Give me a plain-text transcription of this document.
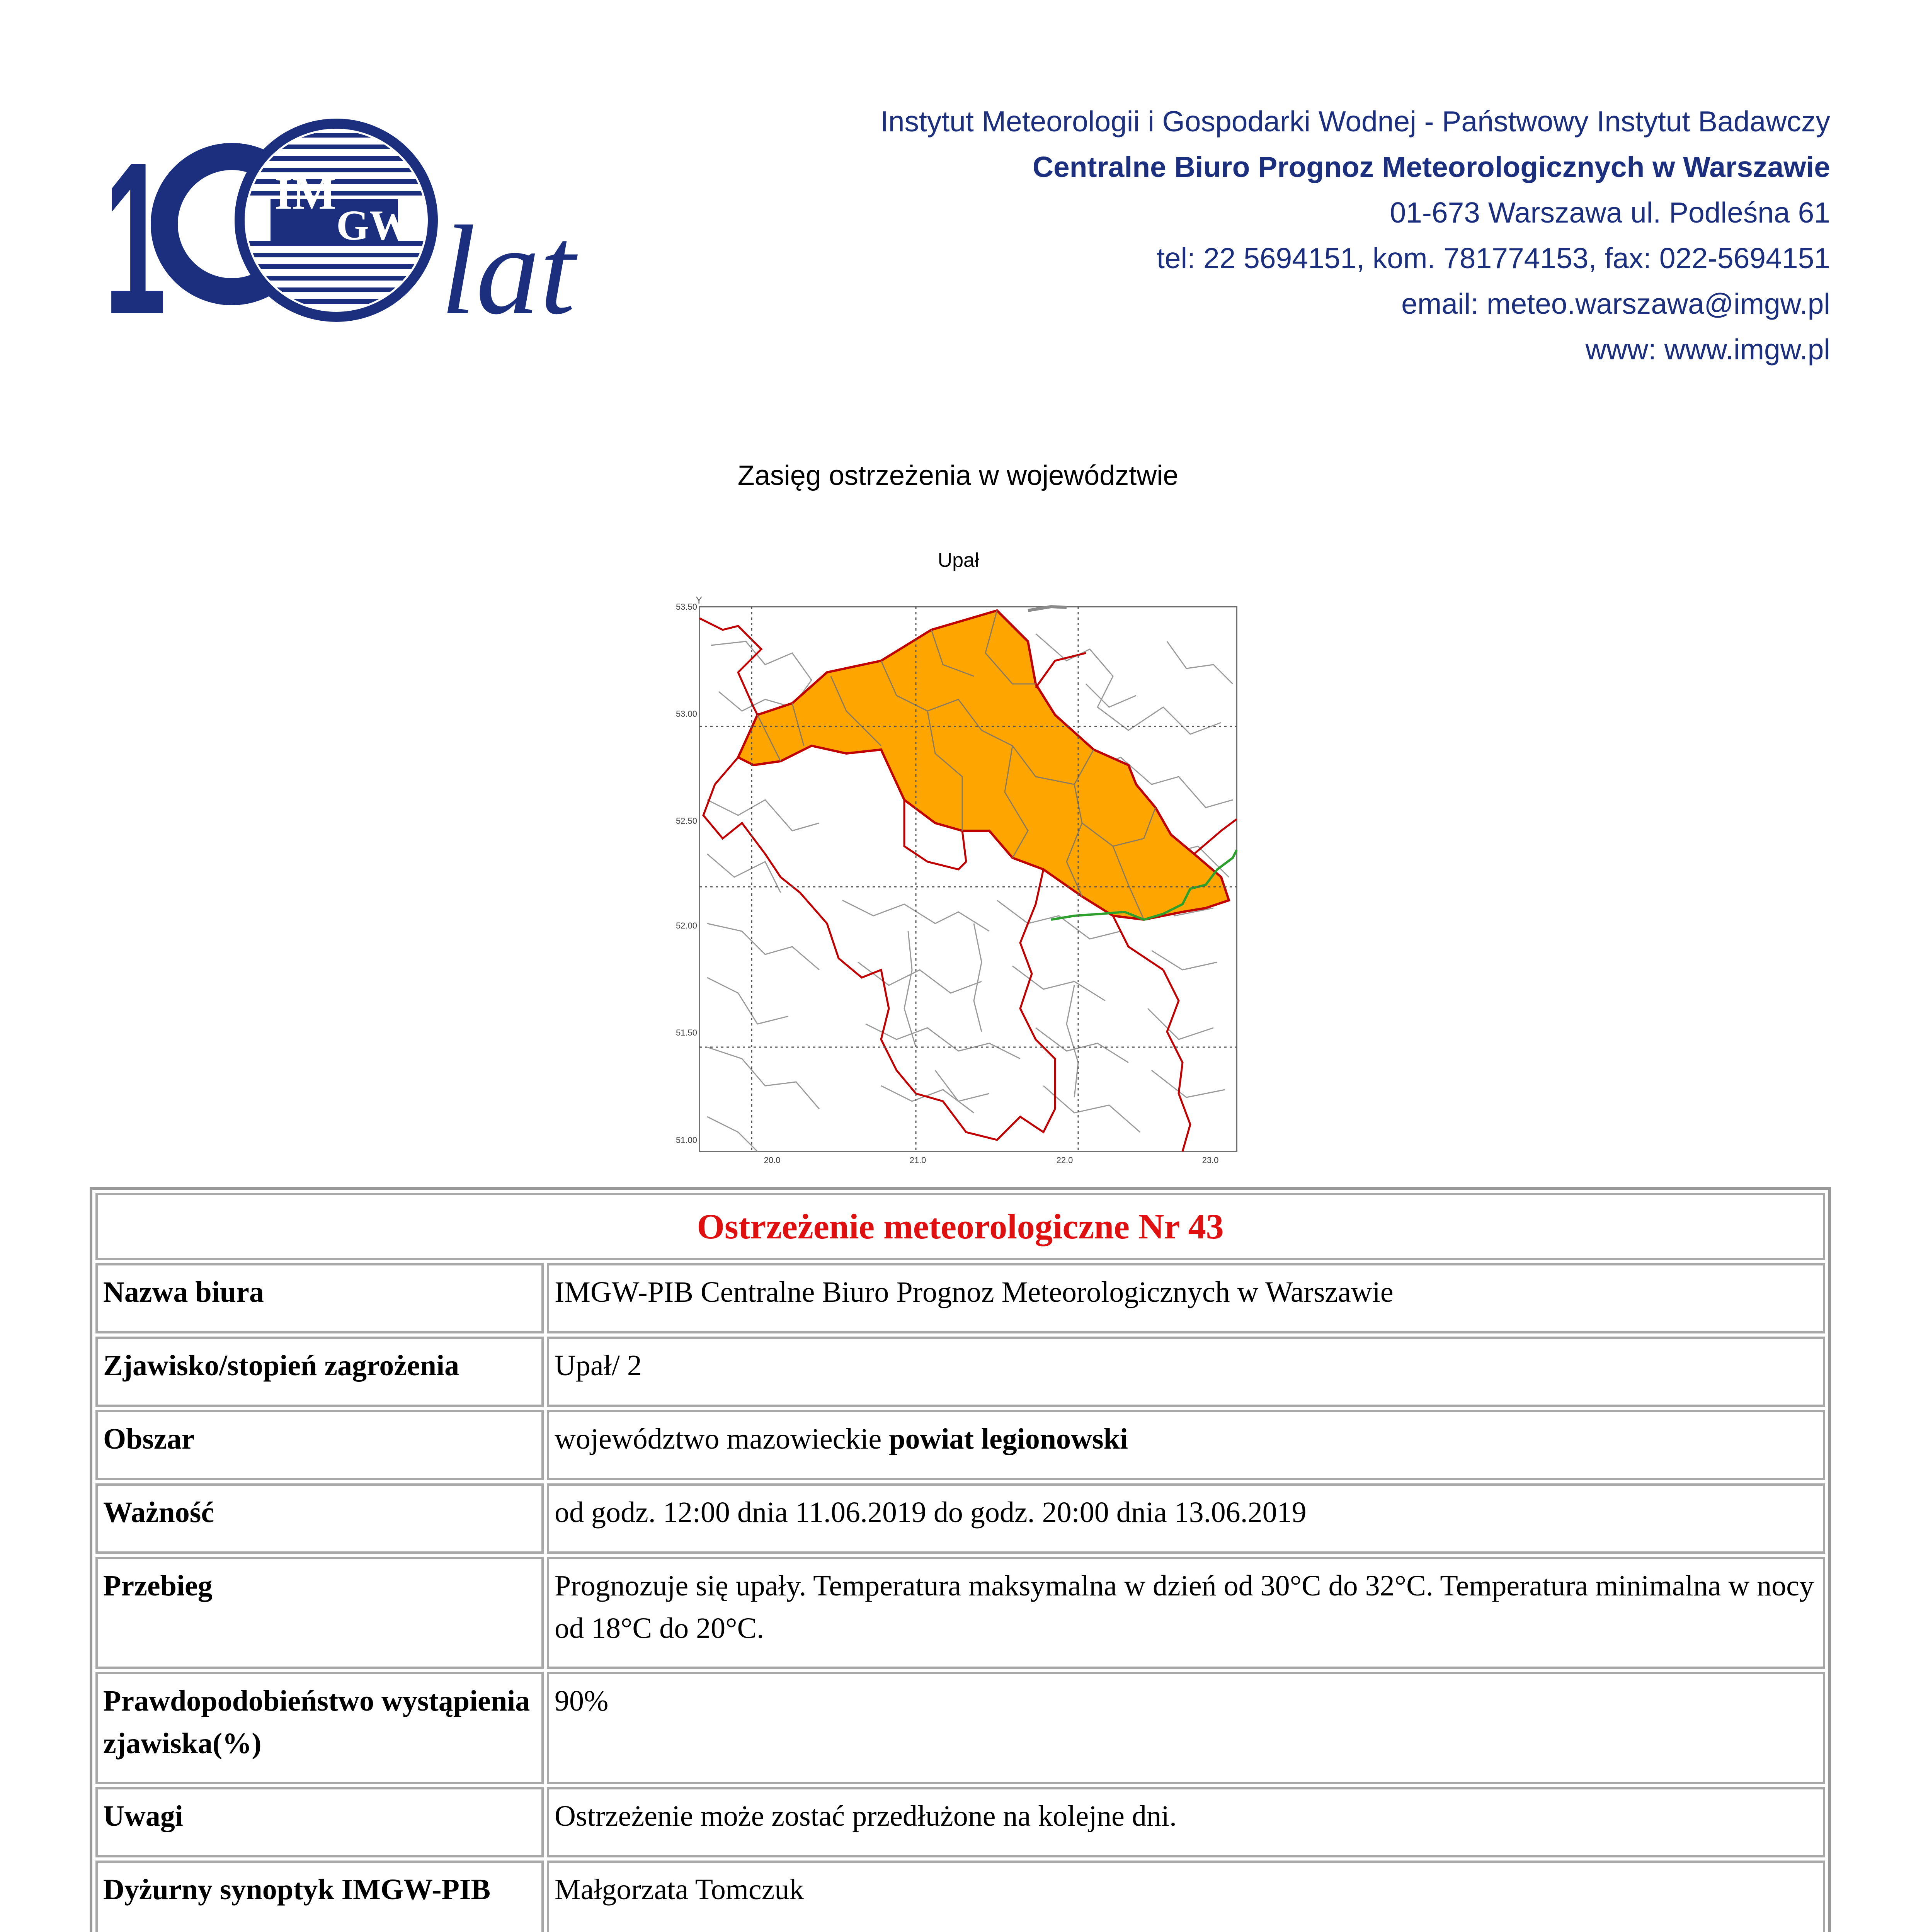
1 IM
GW lat
Instytut Meteorologii i Gospodarki Wodnej - Państwowy Instytut Badawczy
Centralne Biuro Prognoz Meteorologicznych w Warszawie
01-673 Warszawa ul. Podleśna 61
tel: 22 5694151, kom. 781774153, fax: 022-5694151
email: meteo.warszawa@imgw.pl
www: www.imgw.pl
Zasięg ostrzeżenia w województwie
Upał
Y
53.50
53.00
52.50
52.00
51.50
51.00
20.0	21.0	22.0	23.0
Ostrzeżenie meteorologiczne Nr 43	
Nazwa biura	IMGW-PIB Centralne Biuro Prognoz Meteorologicznych w Warszawie
Zjawisko/stopień zagrożenia	Upał/ 2
Obszar	województwo mazowieckie powiat legionowski
Ważność	od godz. 12:00 dnia 11.06.2019 do godz. 20:00 dnia 13.06.2019
Przebieg	Prognozuje się upały. Temperatura maksymalna w dzień od 30°C do 32°C. Temperatura minimalna w nocy od 18°C do 20°C.
Prawdopodobieństwo wystąpienia zjawiska(%)	90%
Uwagi	Ostrzeżenie może zostać przedłużone na kolejne dni.
Dyżurny synoptyk IMGW-PIB	Małgorzata Tomczuk
